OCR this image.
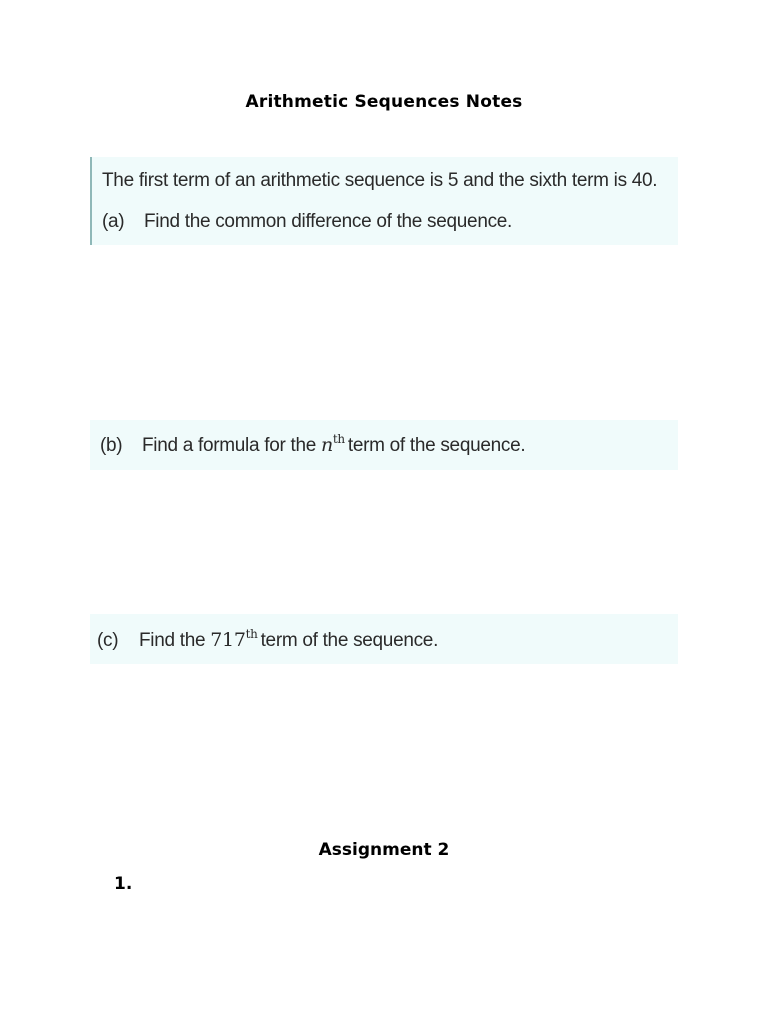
Arithmetic Sequences Notes
The first term of an arithmetic sequence is 5 and the sixth term is 40.
(a) Find the common difference of the sequence.
(b) Find a formula for the $n^{th}$ term of the sequence.
(c) Find the 717th term of the sequence.
Assignment 2
1.
